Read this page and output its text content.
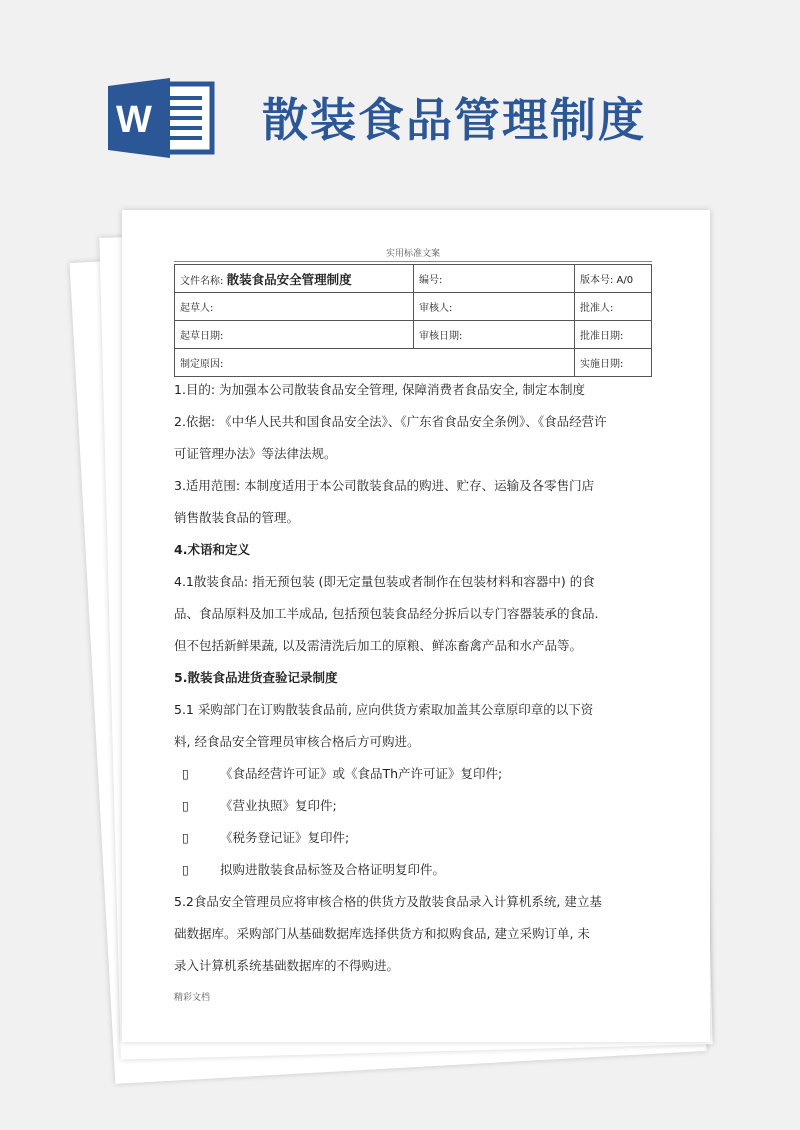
W 散装食品管理制度
实用标准文案
文件名称: 散装食品安全管理制度	编号:	版本号: A/0
起草人:	审核人:	批准人:
起草日期:	审核日期:	批准日期:
制定原因:		实施日期:

1.目的: 为加强本公司散装食品安全管理, 保障消费者食品安全, 制定本制度

2.依据: 《中华人民共和国食品安全法》、《广东省食品安全条例》、《食品经营许

可证管理办法》等法律法规。

3.适用范围: 本制度适用于本公司散装食品的购进、贮存、运输及各零售门店

销售散装食品的管理。

4.术语和定义

4.1散装食品: 指无预包装 (即无定量包装或者制作在包装材料和容器中) 的食

品、食品原料及加工半成品, 包括预包装食品经分拆后以专门容器装承的食品.

但不包括新鲜果蔬, 以及需清洗后加工的原粮、鲜冻畜禽产品和水产品等。

5.散装食品进货查验记录制度

5.1 采购部门在订购散装食品前, 应向供货方索取加盖其公章原印章的以下资

料, 经食品安全管理员审核合格后方可购进。

▯ 《食品经营许可证》或《食品Th产许可证》复印件;

▯ 《营业执照》复印件;

▯ 《税务登记证》复印件;

▯ 拟购进散装食品标签及合格证明复印件。

5.2食品安全管理员应将审核合格的供货方及散装食品录入计算机系统, 建立基

础数据库。采购部门从基础数据库选择供货方和拟购食品, 建立采购订单, 未

录入计算机系统基础数据库的不得购进。

精彩文档
